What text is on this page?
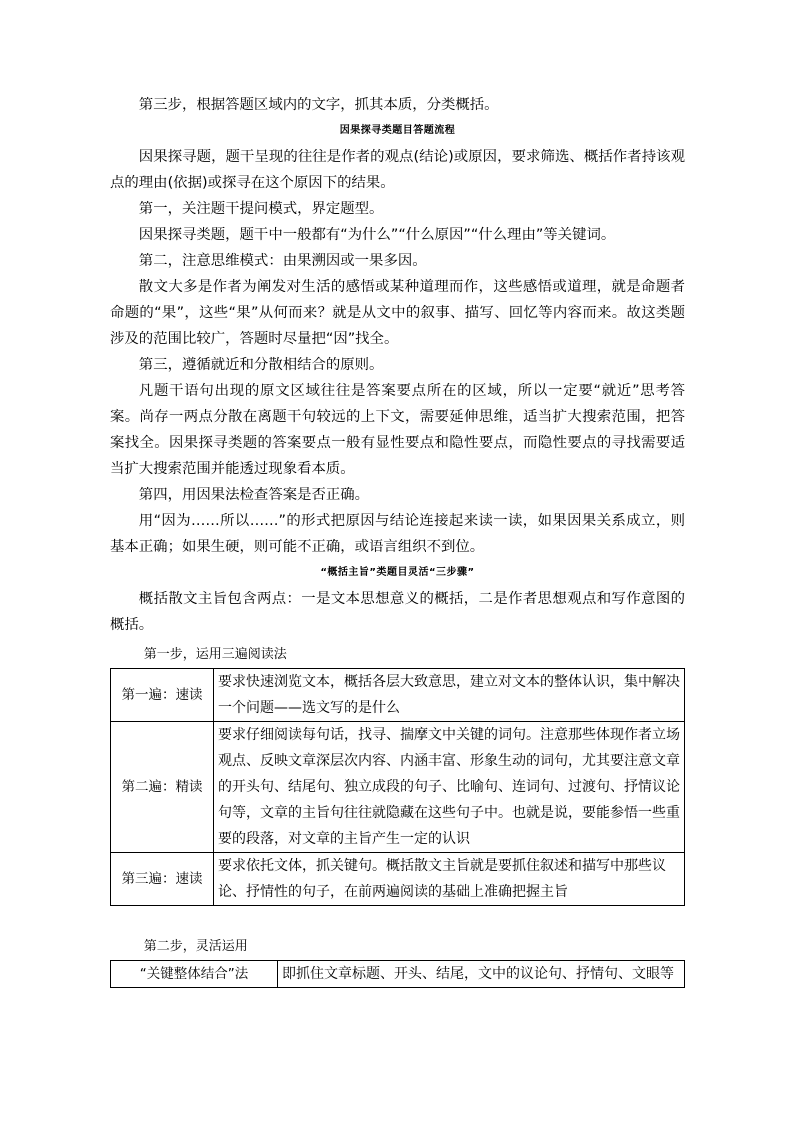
第三步，根据答题区域内的文字，抓其本质，分类概括。

因果探寻类题目答题流程

因果探寻题，题干呈现的往往是作者的观点(结论)或原因，要求筛选、概括作者持该观点的理由(依据)或探寻在这个原因下的结果。

第一，关注题干提问模式，界定题型。

因果探寻类题，题干中一般都有“为什么”“什么原因”“什么理由”等关键词。

第二，注意思维模式：由果溯因或一果多因。

散文大多是作者为阐发对生活的感悟或某种道理而作，这些感悟或道理，就是命题者命题的“果”，这些“果”从何而来？就是从文中的叙事、描写、回忆等内容而来。故这类题涉及的范围比较广，答题时尽量把“因”找全。

第三，遵循就近和分散相结合的原则。

凡题干语句出现的原文区域往往是答案要点所在的区域，所以一定要“就近”思考答案。尚存一两点分散在离题干句较远的上下文，需要延伸思维，适当扩大搜索范围，把答案找全。因果探寻类题的答案要点一般有显性要点和隐性要点，而隐性要点的寻找需要适当扩大搜索范围并能透过现象看本质。

第四，用因果法检查答案是否正确。

用“因为……所以……”的形式把原因与结论连接起来读一读，如果因果关系成立，则基本正确；如果生硬，则可能不正确，或语言组织不到位。

“概括主旨”类题目灵活“三步骤”

概括散文主旨包含两点：一是文本思想意义的概括，二是作者思想观点和写作意图的概括。

第一步，运用三遍阅读法

第一遍：速读	要求快速浏览文本，概括各层大致意思，建立对文本的整体认识，集中解决一个问题——选文写的是什么
第二遍：精读	要求仔细阅读每句话，找寻、揣摩文中关键的词句。注意那些体现作者立场观点、反映文章深层次内容、内涵丰富、形象生动的词句，尤其要注意文章的开头句、结尾句、独立成段的句子、比喻句、连词句、过渡句、抒情议论句等，文章的主旨句往往就隐藏在这些句子中。也就是说，要能参悟一些重要的段落，对文章的主旨产生一定的认识
第三遍：速读	要求依托文体，抓关键句。概括散文主旨就是要抓住叙述和描写中那些议论、抒情性的句子，在前两遍阅读的基础上准确把握主旨

第二步，灵活运用

“关键整体结合”法	即抓住文章标题、开头、结尾，文中的议论句、抒情句、文眼等
